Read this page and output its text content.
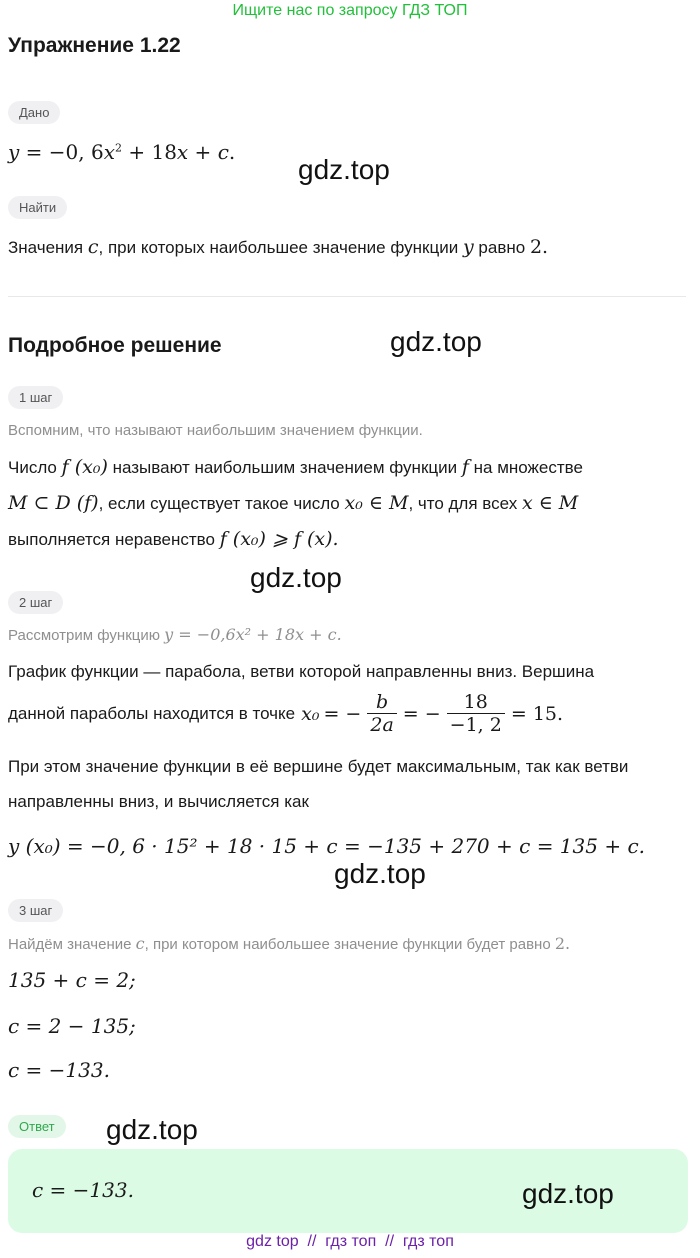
Ищите нас по запросу ГДЗ ТОП
Упражнение 1.22
Дано
y = −0, $6x^2 + 18x + c$.
gdz.top
Найти
Значения c, при которых наибольшее значение функции y равно 2.
Подробное решение	gdz.top
1 шаг
Вспомним, что называют наибольшим значением функции.
Число f (x₀) называют наибольшим значением функции f на множестве
M ⊂ D (f), если существует такое число x₀ ∈ M, что для всех x ∈ M
выполняется неравенство f (x₀) ⩾ f (x).
gdz.top
2 шаг
Рассмотрим функцию y = −0,6x² + 18x + c.
График функции — парабола, ветви которой направленны вниз. Вершина
данной параболы находится в точке x₀ = − $\frac{b}{2a}$ = − $\frac{18}{-1, 2} = 15$.
При этом значение функции в её вершине будет максимальным, так как ветви
направленны вниз, и вычисляется как
y (x₀) = −0, 6 · 15² + 18 · 15 + c = −135 + 270 + c = 135 + c.
gdz.top
3 шаг
Найдём значение c, при котором наибольшее значение функции будет равно 2.
135 + c = 2;
c = 2 − 135;
c = −133.
Ответ	gdz.top
c = −133.	gdz.top
gdz top  //  гдз топ  //  гдз топ
